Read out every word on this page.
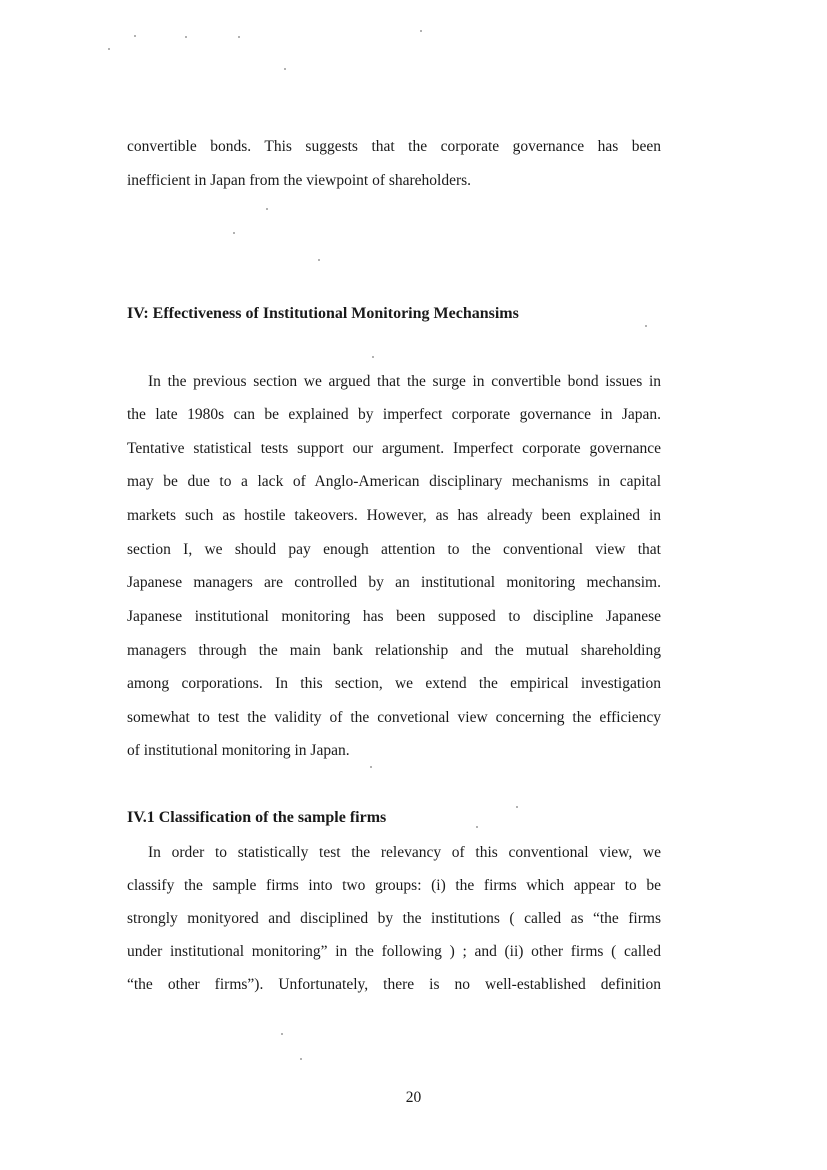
convertible bonds. This suggests that the corporate governance has been
inefficient in Japan from the viewpoint of shareholders.
IV: Effectiveness of Institutional Monitoring Mechansims
In the previous section we argued that the surge in convertible bond issues in
the late 1980s can be explained by imperfect corporate governance in Japan.
Tentative statistical tests support our argument. Imperfect corporate governance
may be due to a lack of Anglo-American disciplinary mechanisms in capital
markets such as hostile takeovers. However, as has already been explained in
section I, we should pay enough attention to the conventional view that
Japanese managers are controlled by an institutional monitoring mechansim.
Japanese institutional monitoring has been supposed to discipline Japanese
managers through the main bank relationship and the mutual shareholding
among corporations. In this section, we extend the empirical investigation
somewhat to test the validity of the convetional view concerning the efficiency
of institutional monitoring in Japan.
IV.1 Classification of the sample firms
In order to statistically test the relevancy of this conventional view, we
classify the sample firms into two groups: (i) the firms which appear to be
strongly monityored and disciplined by the institutions ( called as “the firms
under institutional monitoring” in the following ) ; and (ii) other firms ( called
“the other firms”). Unfortunately, there is no well-established definition
20
